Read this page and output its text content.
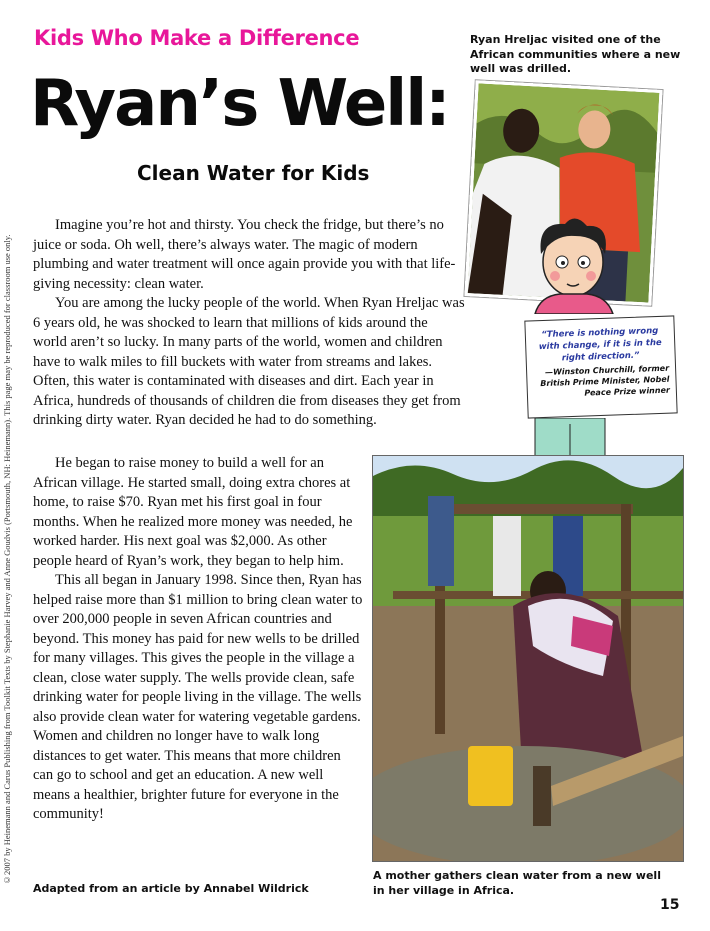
Kids Who Make a Difference
Ryan’s Well:
Clean Water for Kids
©2007 by Heinemann and Carus Publishing from Toolkit Texts by Stephanie Harvey and Anne Goudvis (Portsmouth, NH: Heinemann). This page may be reproduced for classroom use only.

Imagine you’re hot and thirsty. You check the fridge, but there’s no juice or soda. Oh well, there’s always water. The magic of modern plumbing and water treatment will once again provide you with that life-giving necessity: clean water.

You are among the lucky people of the world. When Ryan Hreljac was 6 years old, he was shocked to learn that millions of kids around the world aren’t so lucky. In many parts of the world, women and children have to walk miles to fill buckets with water from streams and lakes. Often, this water is contaminated with diseases and dirt. Each year in Africa, hundreds of thousands of children die from diseases they get from drinking dirty water. Ryan decided he had to do something.

He began to raise money to build a well for an African village. He started small, doing extra chores at home, to raise $70. Ryan met his first goal in four months. When he realized more money was needed, he worked harder. His next goal was $2,000. As other people heard of Ryan’s work, they began to help him.

This all began in January 1998. Since then, Ryan has helped raise more than $1 million to bring clean water to over 200,000 people in seven African countries and beyond. This money has paid for new wells to be drilled for many villages. This gives the people in the village a clean, close water supply. The wells provide clean, safe drinking water for people living in the village. The wells also provide clean water for watering vegetable gardens. Women and children no longer have to walk long distances to get water. This means that more children can go to school and get an education. A new well means a healthier, brighter future for everyone in the community!

Ryan Hreljac visited one of the African communities where a new well was drilled.
“There is nothing wrong with change, if it is in the right direction.”
—Winston Churchill, former British Prime Minister, Nobel Peace Prize winner
A mother gathers clean water from a new well in her village in Africa.
Adapted from an article by Annabel Wildrick
15
